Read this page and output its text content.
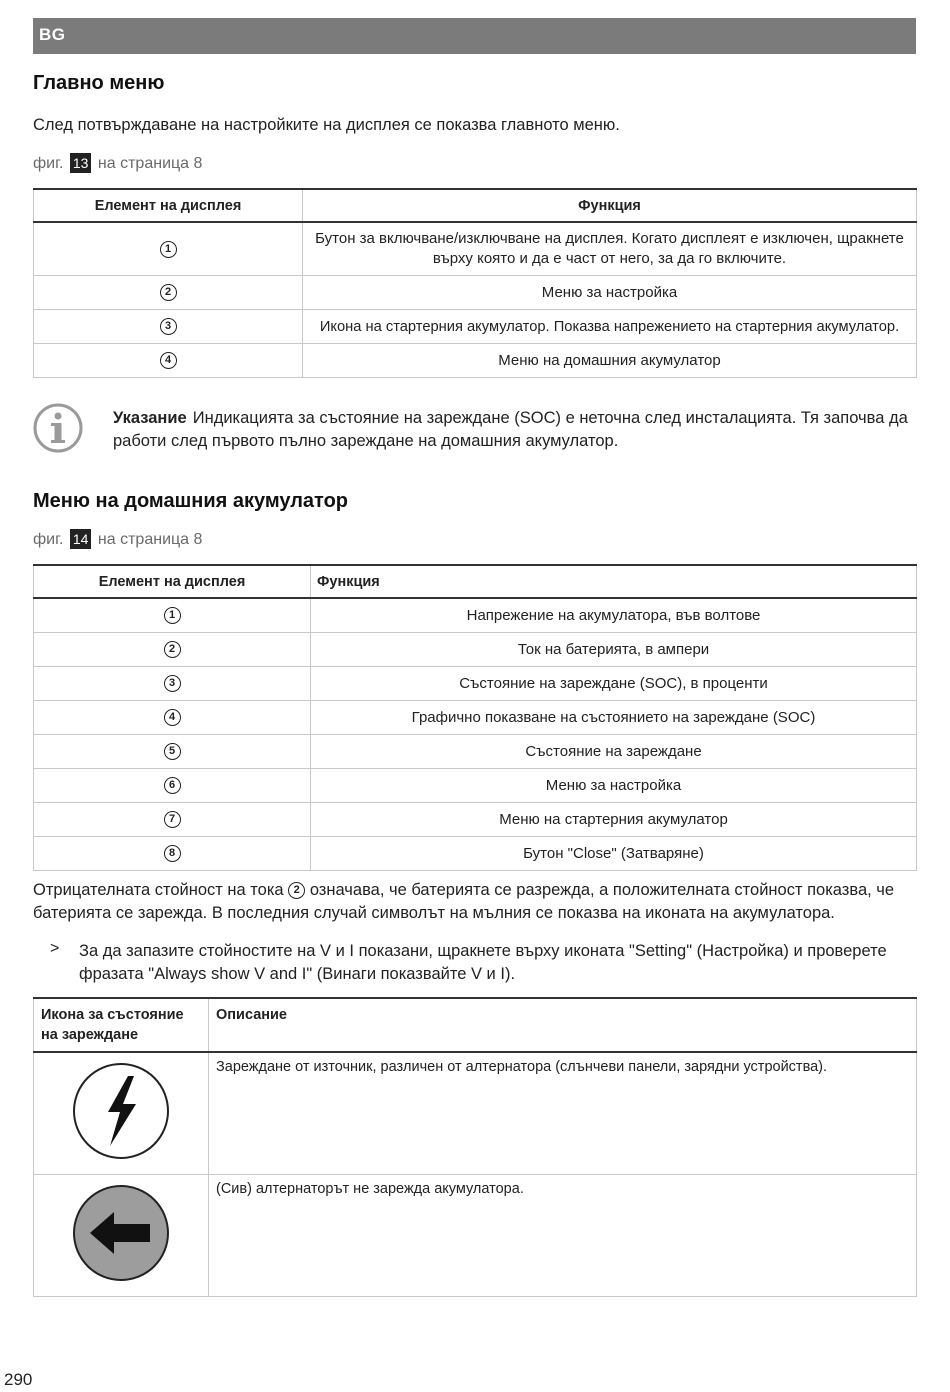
BG
Главно меню

След потвърждаване на настройките на дисплея се показва главното меню.

фиг. 13 на страница 8
Елемент на дисплея	Функция
1	Бутон за включване/изключване на дисплея. Когато дисплеят е изключен, щракнете върху която и да е част от него, за да го включите.
2	Меню за настройка
3	Икона на стартерния акумулатор. Показва напрежението на стартерния акумулатор.
4	Меню на домашния акумулатор

Указание Индикацията за състояние на зареждане (SOC) е неточна след инсталацията. Тя започва да работи след първото пълно зареждане на домашния акумулатор.

Меню на домашния акумулатор
фиг. 14 на страница 8
Елемент на дисплея	Функция
1	Напрежение на акумулатора, във волтове
2	Ток на батерията, в ампери
3	Състояние на зареждане (SOC), в проценти
4	Графично показване на състоянието на зареждане (SOC)
5	Състояние на зареждане
6	Меню за настройка
7	Меню на стартерния акумулатор
8	Бутон "Close" (Затваряне)

Отрицателната стойност на тока 2 означава, че батерията се разрежда, а положителната стойност показва, че батерията се зарежда. В последния случай символът на мълния се показва на иконата на акумулатора.

> За да запазите стойностите на V и I показани, щракнете върху иконата "Setting" (Настройка) и проверете фразата "Always show V and I" (Винаги показвайте V и I).

Икона за състояние на зареждане	Описание
	Зареждане от източник, различен от алтернатора (слънчеви панели, зарядни устройства).
	(Сив) алтернаторът не зарежда акумулатора.
290
